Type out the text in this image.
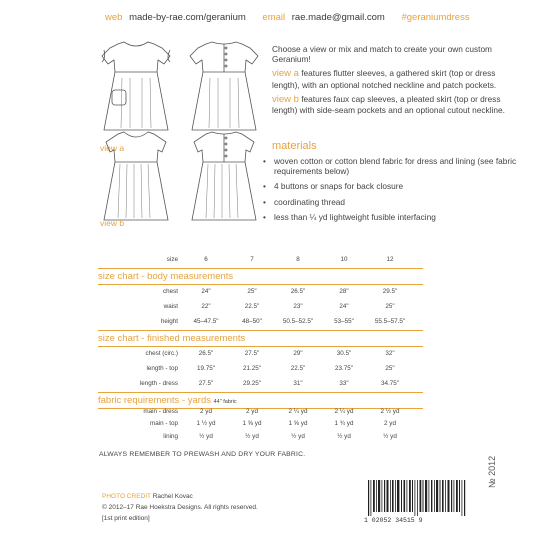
web made-by-rae.com/geranium email rae.made@gmail.com #geraniumdress
view a
view b

Choose a view or mix and match to create your own custom Geranium!

view a features flutter sleeves, a gathered skirt (top or dress length), with an optional notched neckline and patch pockets.

view b features faux cap sleeves, a pleated skirt (top or dress length) with side-seam pockets and an optional cutout neckline.

materials
• woven cotton or cotton blend fabric for dress and lining (see fabric requirements below)
• 4 buttons or snaps for back closure
• coordinating thread
• less than ¼ yd lightweight fusible interfacing
size	6	7	8	10	12
size chart - body measurements
chest	24"	25"	26.5"	28"	29.5"
waist	22"	22.5"	23"	24"	25"
height	45–47.5"	48–50"	50.5–52.5"	53–55"	55.5–57.5"
size chart - finished measurements
chest (circ.)	26.5"	27.5"	29"	30.5"	32"
length - top	19.75"	21.25"	22.5"	23.75"	25"
length - dress	27.5"	29.25"	31"	33"	34.75"
fabric requirements - yards 44" fabric
main - dress	2 yd	2 yd	2 ¼ yd	2 ¼ yd	2 ½ yd
main - top	1 ½ yd	1 ⅝ yd	1 ⅝ yd	1 ¾ yd	2 yd
lining	½ yd	½ yd	½ yd	½ yd	½ yd
ALWAYS REMEMBER TO PREWASH AND DRY YOUR FABRIC.
PHOTO CREDIT Rachel Kovac
© 2012–17 Rae Hoekstra Designs. All rights reserved.
[1st print edition]	1 02052 34515 9
№ 2012
